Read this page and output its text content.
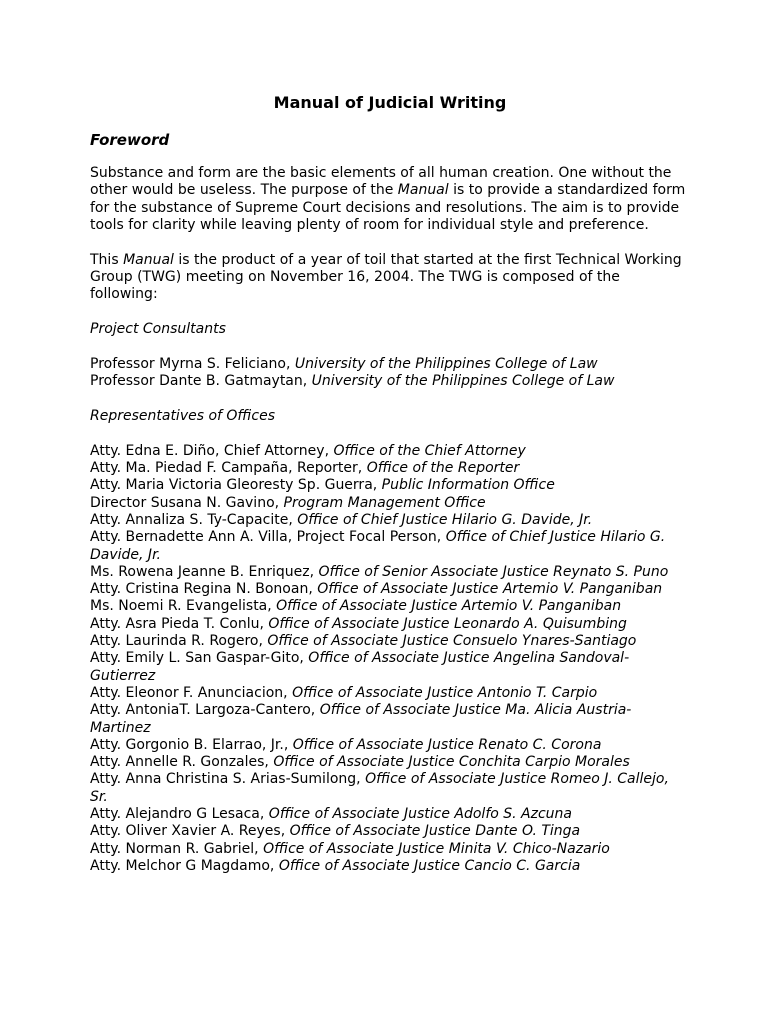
Manual of Judicial Writing
Foreword

Substance and form are the basic elements of all human creation. One without the other would be useless. The purpose of the Manual is to provide a standardized form for the substance of Supreme Court decisions and resolutions. The aim is to provide tools for clarity while leaving plenty of room for individual style and preference.

This Manual is the product of a year of toil that started at the first Technical Working Group (TWG) meeting on November 16, 2004. The TWG is composed of the following:

Project Consultants
Professor Myrna S. Feliciano, University of the Philippines College of Law
Professor Dante B. Gatmaytan, University of the Philippines College of Law
Representatives of Offices
Atty. Edna E. Diño, Chief Attorney, Office of the Chief Attorney
Atty. Ma. Piedad F. Campaña, Reporter, Office of the Reporter
Atty. Maria Victoria Gleoresty Sp. Guerra, Public Information Office
Director Susana N. Gavino, Program Management Office
Atty. Annaliza S. Ty-Capacite, Office of Chief Justice Hilario G. Davide, Jr.
Atty. Bernadette Ann A. Villa, Project Focal Person, Office of Chief Justice Hilario G. Davide, Jr.
Ms. Rowena Jeanne B. Enriquez, Office of Senior Associate Justice Reynato S. Puno
Atty. Cristina Regina N. Bonoan, Office of Associate Justice Artemio V. Panganiban
Ms. Noemi R. Evangelista, Office of Associate Justice Artemio V. Panganiban
Atty. Asra Pieda T. Conlu, Office of Associate Justice Leonardo A. Quisumbing
Atty. Laurinda R. Rogero, Office of Associate Justice Consuelo Ynares-Santiago
Atty. Emily L. San Gaspar-Gito, Office of Associate Justice Angelina Sandoval-Gutierrez
Atty. Eleonor F. Anunciacion, Office of Associate Justice Antonio T. Carpio
Atty. AntoniaT. Largoza-Cantero, Office of Associate Justice Ma. Alicia Austria-Martinez
Atty. Gorgonio B. Elarrao, Jr., Office of Associate Justice Renato C. Corona
Atty. Annelle R. Gonzales, Office of Associate Justice Conchita Carpio Morales
Atty. Anna Christina S. Arias-Sumilong, Office of Associate Justice Romeo J. Callejo, Sr.
Atty. Alejandro G Lesaca, Office of Associate Justice Adolfo S. Azcuna
Atty. Oliver Xavier A. Reyes, Office of Associate Justice Dante O. Tinga
Atty. Norman R. Gabriel, Office of Associate Justice Minita V. Chico-Nazario
Atty. Melchor G Magdamo, Office of Associate Justice Cancio C. Garcia
